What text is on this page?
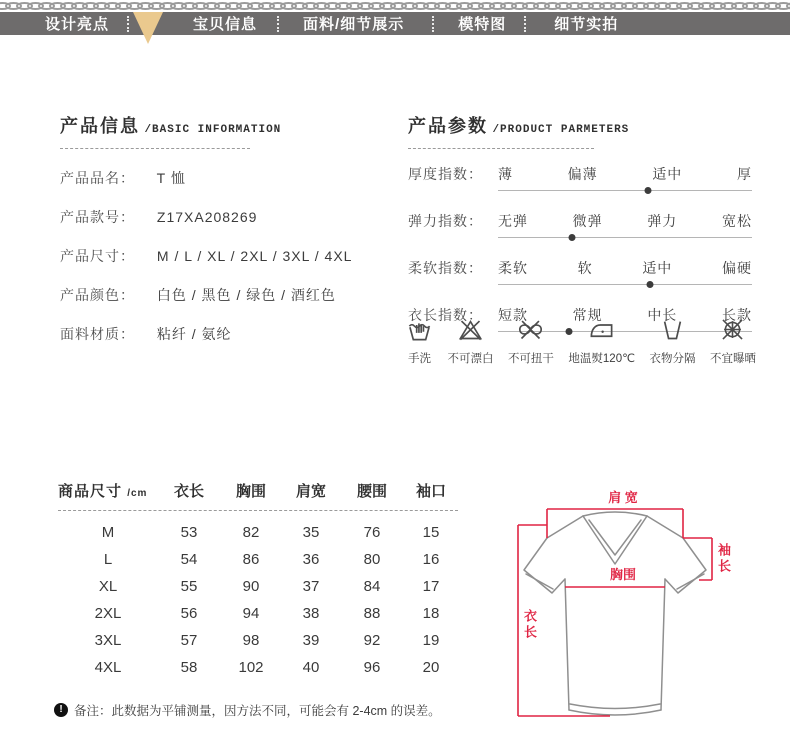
设计亮点	宝贝信息	面料/细节展示	模特图	细节实拍
产品信息 /BASIC INFORMATION
产品品名： T 恤
产品款号： Z17XA208269
产品尺寸： M / L / XL / 2XL / 3XL / 4XL
产品颜色： 白色 / 黑色 / 绿色 / 酒红色
面料材质： 粘纤 / 氨纶
产品参数 /PRODUCT PARMETERS
厚度指数：	薄	偏薄	适中	厚
弹力指数：	无弹	微弹	弹力	宽松
柔软指数：	柔软	软	适中	偏硬
衣长指数：	短款	常规	中长	长款
手洗 不可漂白 不可扭干 地温熨120℃ 衣物分隔 不宜曝晒
商品尺寸 /cm	衣长	胸围	肩宽	腰围	袖口
M	53	82	35	76	15
L	54	86	36	80	16
XL	55	90	37	84	17
2XL	56	94	38	88	18
3XL	57	98	39	92	19
4XL	58	102	40	96	20
! 备注：此数据为平铺测量，因方法不同，可能会有 2-4cm 的误差。
肩 宽
袖长
胸围
衣长
